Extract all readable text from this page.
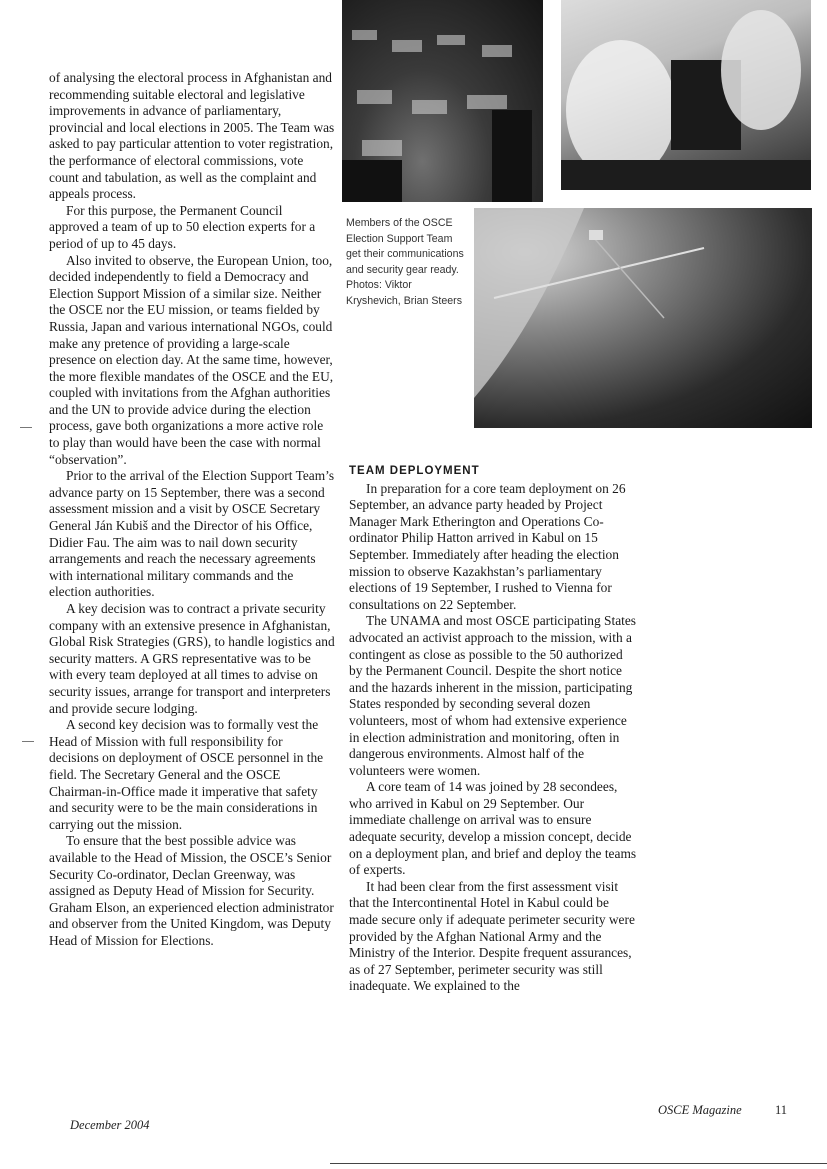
Members of the OSCE Election Support Team get their communications and security gear ready. Photos: Viktor Kryshevich, Brian Steers

of analysing the electoral process in Afghanistan and recommending suitable electoral and legislative improvements in advance of parliamentary, provincial and local elections in 2005. The Team was asked to pay particular attention to voter registration, the performance of electoral commissions, vote count and tabulation, as well as the complaint and appeals process.

For this purpose, the Permanent Council approved a team of up to 50 election experts for a period of up to 45 days.

Also invited to observe, the European Union, too, decided independently to field a Democracy and Election Support Mission of a similar size. Neither the OSCE nor the EU mission, or teams fielded by Russia, Japan and various international NGOs, could make any pretence of providing a large-scale presence on election day. At the same time, however, the more flexible mandates of the OSCE and the EU, coupled with invitations from the Afghan authorities and the UN to provide advice during the election process, gave both organizations a more active role to play than would have been the case with normal “observation”.

Prior to the arrival of the Election Support Team’s advance party on 15 September, there was a second assessment mission and a visit by OSCE Secretary General Ján Kubiš and the Director of his Office, Didier Fau. The aim was to nail down security arrangements and reach the necessary agreements with international military commands and the election authorities.

A key decision was to contract a private security company with an extensive presence in Afghanistan, Global Risk Strategies (GRS), to handle logistics and security matters. A GRS representative was to be with every team deployed at all times to advise on security issues, arrange for transport and interpreters and provide secure lodging.

A second key decision was to formally vest the Head of Mission with full responsibility for decisions on deployment of OSCE personnel in the field. The Secretary General and the OSCE Chairman-in-Office made it imperative that safety and security were to be the main considerations in carrying out the mission.

To ensure that the best possible advice was available to the Head of Mission, the OSCE’s Senior Security Co-ordinator, Declan Greenway, was assigned as Deputy Head of Mission for Security. Graham Elson, an experienced election administrator and observer from the United Kingdom, was Deputy Head of Mission for Elections.

TEAM DEPLOYMENT

In preparation for a core team deployment on 26 September, an advance party headed by Project Manager Mark Etherington and Operations Co-ordinator Philip Hatton arrived in Kabul on 15 September. Immediately after heading the election mission to observe Kazakhstan’s parliamentary elections of 19 September, I rushed to Vienna for consultations on 22 September.

The UNAMA and most OSCE participating States advocated an activist approach to the mission, with a contingent as close as possible to the 50 authorized by the Permanent Council. Despite the short notice and the hazards inherent in the mission, participating States responded by seconding several dozen volunteers, most of whom had extensive experience in election administration and monitoring, often in dangerous environments. Almost half of the volunteers were women.

A core team of 14 was joined by 28 secondees, who arrived in Kabul on 29 September. Our immediate challenge on arrival was to ensure adequate security, develop a mission concept, decide on a deployment plan, and brief and deploy the teams of experts.

It had been clear from the first assessment visit that the Intercontinental Hotel in Kabul could be made secure only if adequate perimeter security were provided by the Afghan National Army and the Ministry of the Interior. Despite frequent assurances, as of 27 September, perimeter security was still inadequate. We explained to the

December 2004
OSCE Magazine	11
